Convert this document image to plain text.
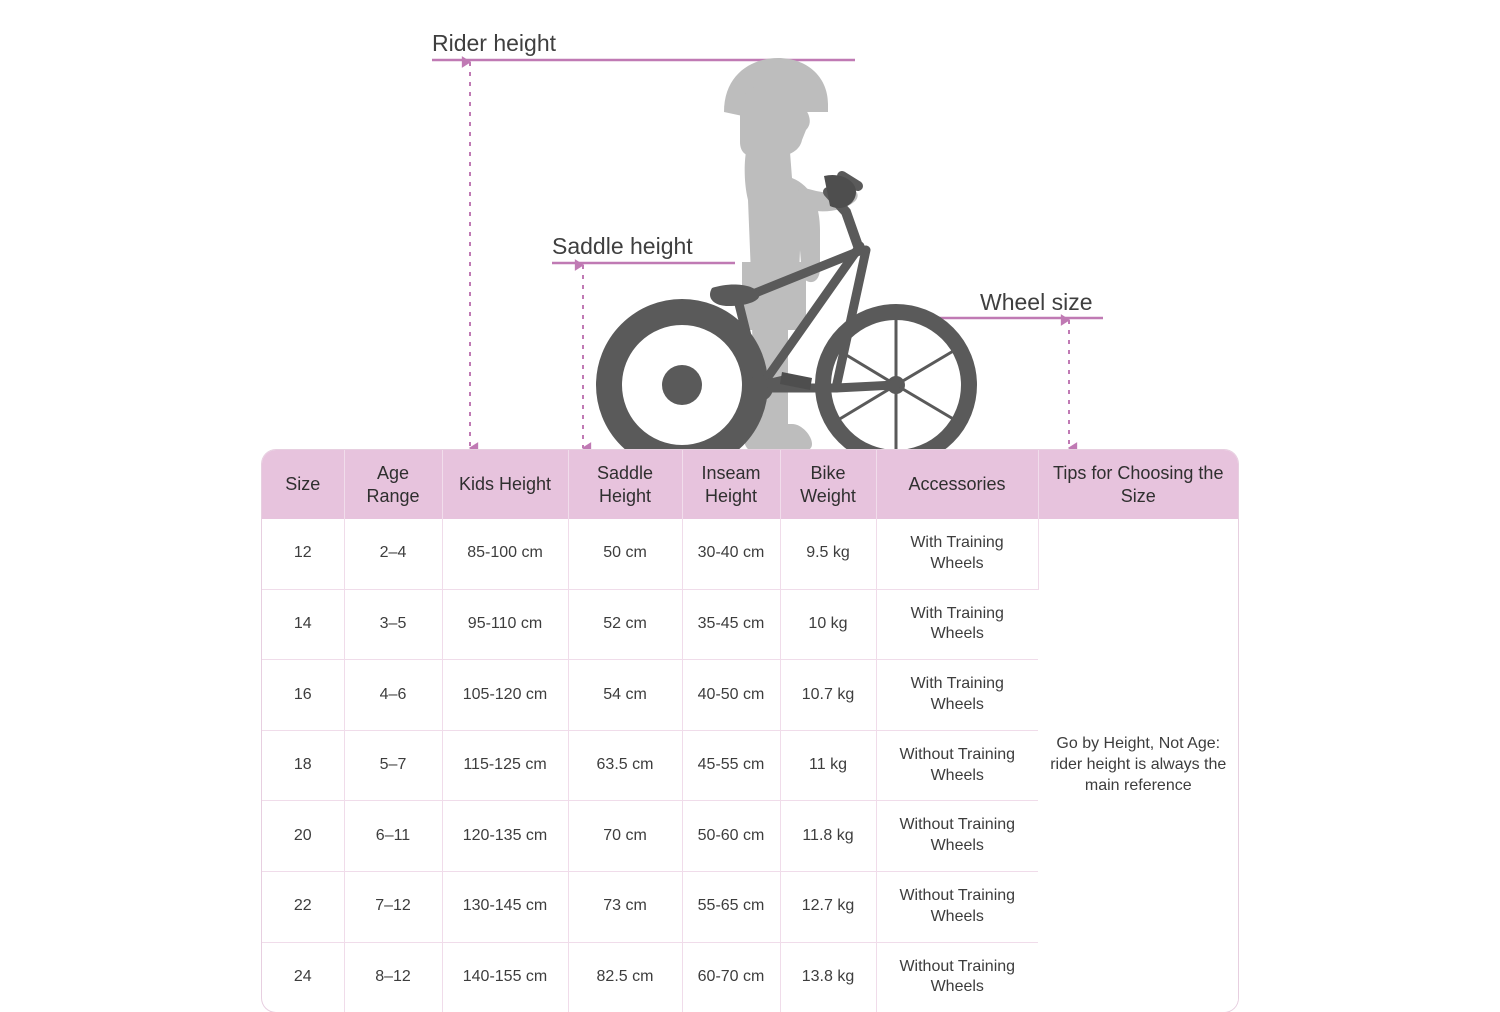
Rider height
Saddle height
Wheel size
Size	Age Range	Kids Height	Saddle Height	Inseam Height	Bike Weight	Accessories	Tips for Choosing the Size
12	2–4	85-100 cm	50 cm	30-40 cm	9.5 kg	With Training Wheels	Go by Height, Not Age: rider height is always the main reference
14	3–5	95-110 cm	52 cm	35-45 cm	10 kg	With Training Wheels	
16	4–6	105-120 cm	54 cm	40-50 cm	10.7 kg	With Training Wheels	
18	5–7	115-125 cm	63.5 cm	45-55 cm	11 kg	Without Training Wheels	
20	6–11	120-135 cm	70 cm	50-60 cm	11.8 kg	Without Training Wheels	
22	7–12	130-145 cm	73 cm	55-65 cm	12.7 kg	Without Training Wheels	
24	8–12	140-155 cm	82.5 cm	60-70 cm	13.8 kg	Without Training Wheels	
